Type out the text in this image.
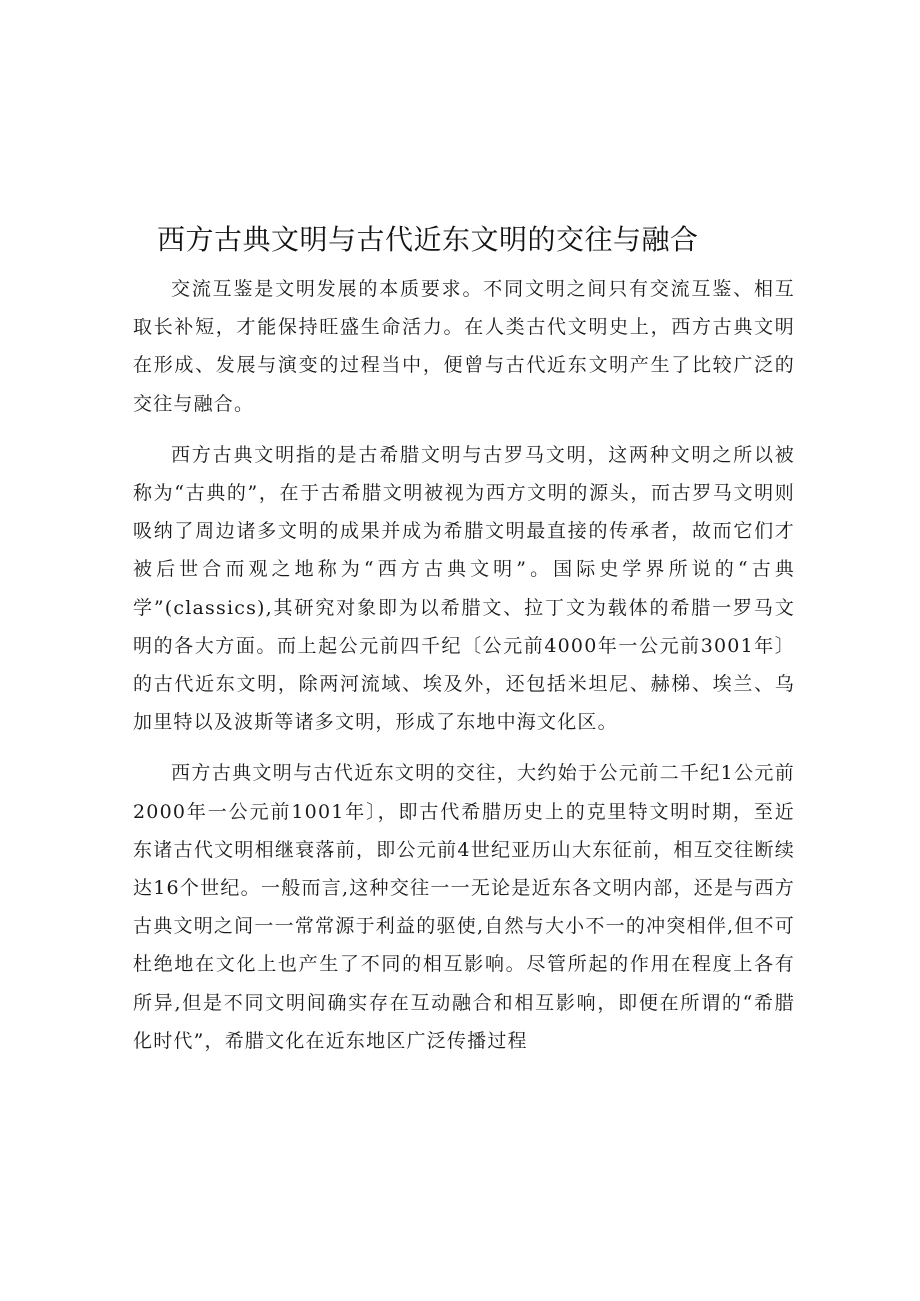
西方古典文明与古代近东文明的交往与融合

交流互鉴是文明发展的本质要求。不同文明之间只有交流互鉴、相互取长补短，才能保持旺盛生命活力。在人类古代文明史上，西方古典文明在形成、发展与演变的过程当中，便曾与古代近东文明产生了比较广泛的交往与融合。

西方古典文明指的是古希腊文明与古罗马文明，这两种文明之所以被称为“古典的”，在于古希腊文明被视为西方文明的源头，而古罗马文明则吸纳了周边诸多文明的成果并成为希腊文明最直接的传承者，故而它们才被后世合而观之地称为“西方古典文明”。国际史学界所说的“古典学”(classics),其研究对象即为以希腊文、拉丁文为载体的希腊一罗马文明的各大方面。而上起公元前四千纪〔公元前4000年一公元前3001年〕的古代近东文明，除两河流域、埃及外，还包括米坦尼、赫梯、埃兰、乌加里特以及波斯等诸多文明，形成了东地中海文化区。

西方古典文明与古代近东文明的交往，大约始于公元前二千纪1公元前2000年一公元前1001年〕，即古代希腊历史上的克里特文明时期，至近东诸古代文明相继衰落前，即公元前4世纪亚历山大东征前，相互交往断续达16个世纪。一般而言,这种交往一一无论是近东各文明内部，还是与西方古典文明之间一一常常源于利益的驱使,自然与大小不一的冲突相伴,但不可杜绝地在文化上也产生了不同的相互影响。尽管所起的作用在程度上各有所异,但是不同文明间确实存在互动融合和相互影响，即便在所谓的“希腊化时代”，希腊文化在近东地区广泛传播过程
